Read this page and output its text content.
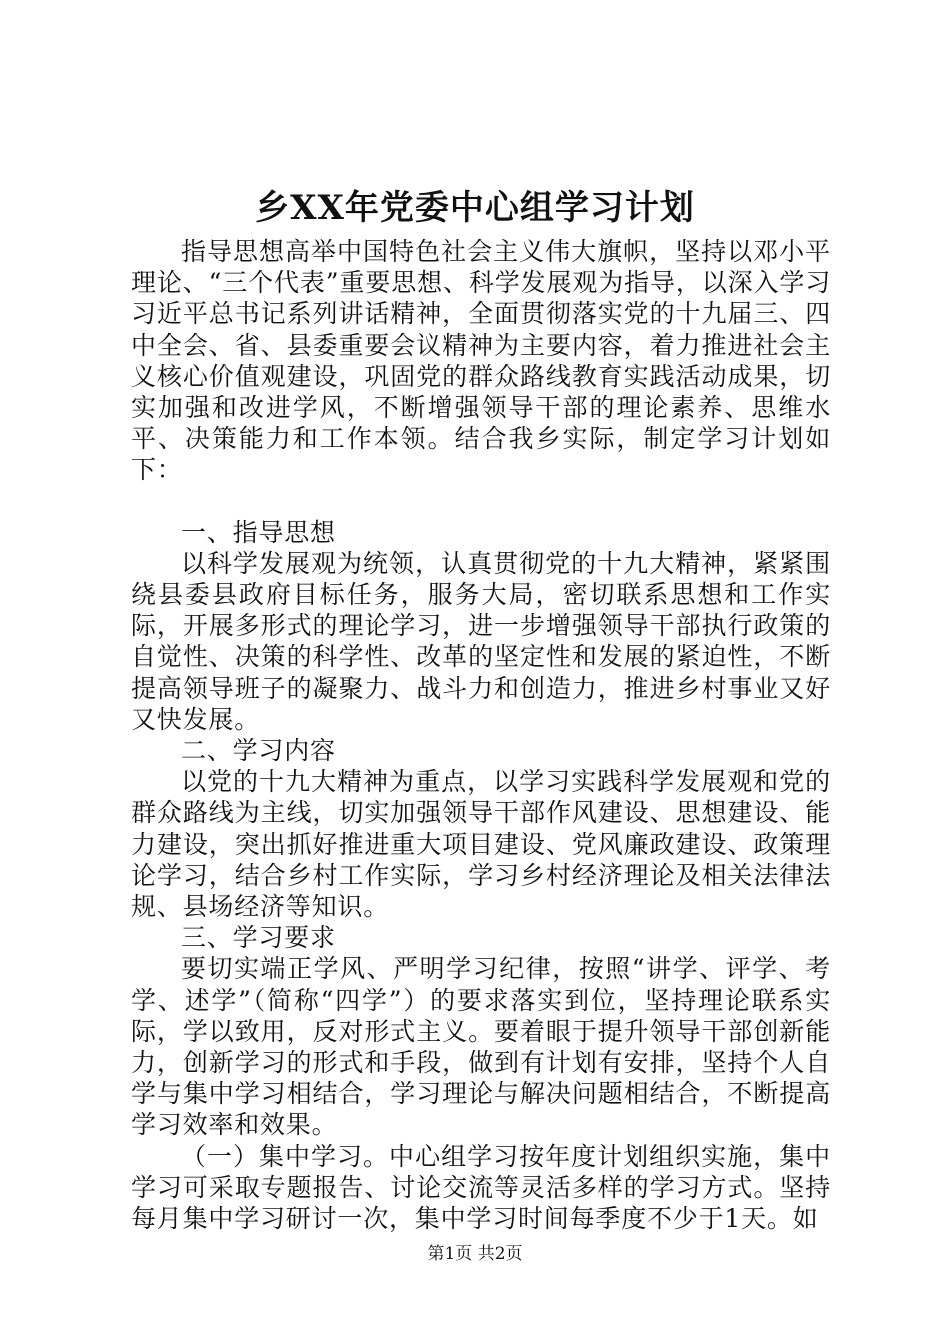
乡XX年党委中心组学习计划

指导思想高举中国特色社会主义伟大旗帜，坚持以邓小平理论、“三个代表”重要思想、科学发展观为指导，以深入学习习近平总书记系列讲话精神，全面贯彻落实党的十九届三、四中全会、省、县委重要会议精神为主要内容，着力推进社会主义核心价值观建设，巩固党的群众路线教育实践活动成果，切实加强和改进学风，不断增强领导干部的理论素养、思维水平、决策能力和工作本领。结合我乡实际，制定学习计划如下：

一、指导思想

以科学发展观为统领，认真贯彻党的十九大精神，紧紧围绕县委县政府目标任务，服务大局，密切联系思想和工作实际，开展多形式的理论学习，进一步增强领导干部执行政策的自觉性、决策的科学性、改革的坚定性和发展的紧迫性，不断提高领导班子的凝聚力、战斗力和创造力，推进乡村事业又好又快发展。

二、学习内容

以党的十九大精神为重点，以学习实践科学发展观和党的群众路线为主线，切实加强领导干部作风建设、思想建设、能力建设，突出抓好推进重大项目建设、党风廉政建设、政策理论学习，结合乡村工作实际，学习乡村经济理论及相关法律法规、县场经济等知识。

三、学习要求

要切实端正学风、严明学习纪律，按照“讲学、评学、考学、述学”（简称“四学”）的要求落实到位，坚持理论联系实际，学以致用，反对形式主义。要着眼于提升领导干部创新能力，创新学习的形式和手段，做到有计划有安排，坚持个人自学与集中学习相结合，学习理论与解决问题相结合，不断提高学习效率和效果。

（一）集中学习。中心组学习按年度计划组织实施，集中学习可采取专题报告、讨论交流等灵活多样的学习方式。坚持每月集中学习研讨一次，集中学习时间每季度不少于1天。如

第1页 共2页
